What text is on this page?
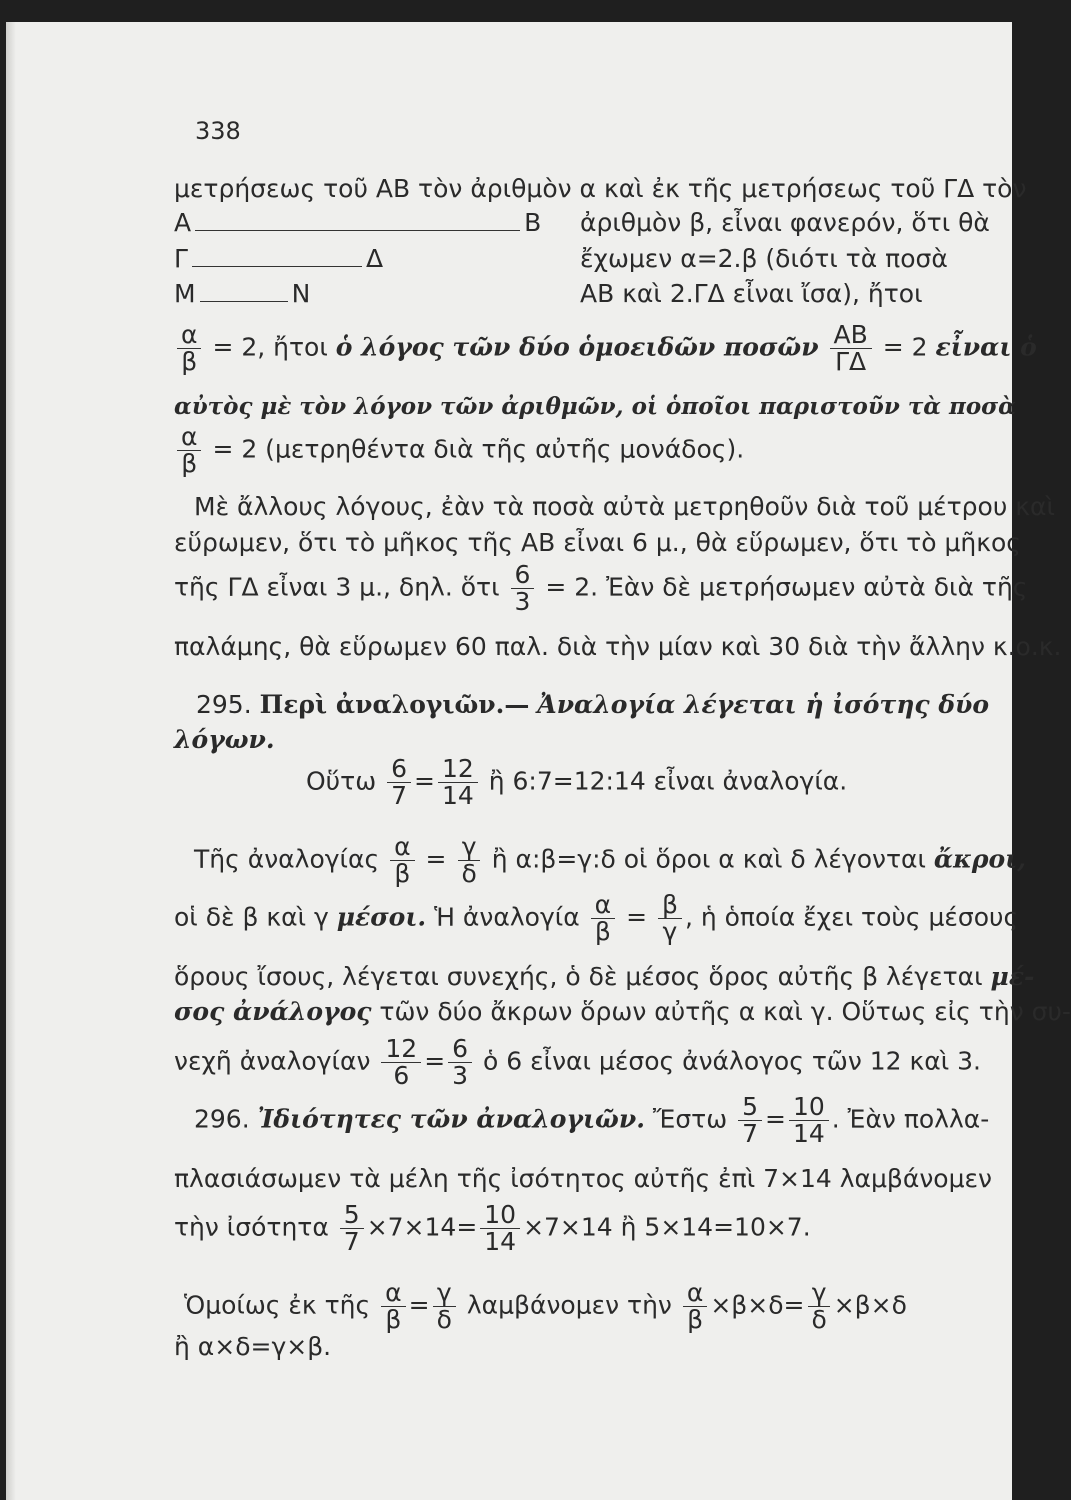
338
μετρήσεως τοῦ ΑΒ τὸν ἀριθμὸν α καὶ ἐκ τῆς μετρήσεως τοῦ ΓΔ τὸν
Α	Β ἀριθμὸν β, εἶναι φανερόν, ὅτι θὰ
Γ	Δ	ἔχωμεν α=2.β (διότι τὰ ποσὰ
Μ	Ν	ΑΒ καὶ 2.ΓΔ εἶναι ἴσα), ἤτοι
$\frac{\alpha}{\beta} = 2$, ἤτοι ὁ λόγος τῶν δύο ὁμοειδῶν ποσῶν $\frac{AB}{\Gamma\Delta} = 2$ εἶναι ὁ
αὐτὸς μὲ τὸν λόγον τῶν ἀριθμῶν, οἱ ὁποῖοι παριστοῦν τὰ ποσὰ
$\frac{\alpha}{\beta} = 2$ (μετρηθέντα διὰ τῆς αὐτῆς μονάδος).
Μὲ ἄλλους λόγους, ἐὰν τὰ ποσὰ αὐτὰ μετρηθοῦν διὰ τοῦ μέτρου καὶ
εὕρωμεν, ὅτι τὸ μῆκος τῆς ΑΒ εἶναι 6 μ., θὰ εὕρωμεν, ὅτι τὸ μῆκος
τῆς ΓΔ εἶναι 3 μ., δηλ. ὅτι $\frac{6}{3} = 2$. Ἐὰν δὲ μετρήσωμεν αὐτὰ διὰ τῆς
παλάμης, θὰ εὕρωμεν 60 παλ. διὰ τὴν μίαν καὶ 30 διὰ τὴν ἄλλην κ.ο.κ.
295. Περὶ ἀναλογιῶν.— Ἀναλογία λέγεται ἡ ἰσότης δύο
λόγων.
Οὕτω $\frac{6}{7} = \frac{12}{14}$ ἢ 6:7=12:14 εἶναι ἀναλογία.
Τῆς ἀναλογίας $\frac{\alpha}{\beta} = \frac{\gamma}{\delta}$ ἢ α:β=γ:δ οἱ ὅροι α καὶ δ λέγονται ἄκροι,
οἱ δὲ β καὶ γ μέσοι. Ἡ ἀναλογία $\frac{\alpha}{\beta} = \frac{\beta}{\gamma}$ , ἡ ὁποία ἔχει τοὺς μέσους
ὅρους ἴσους, λέγεται συνεχής, ὁ δὲ μέσος ὅρος αὐτῆς β λέγεται μέ-
σος ἀνάλογος τῶν δύο ἄκρων ὅρων αὐτῆς α καὶ γ. Οὕτως εἰς τὴν συ-
νεχῆ ἀναλογίαν $\frac{12}{6} = \frac{6}{3}$ ὁ 6 εἶναι μέσος ἀνάλογος τῶν 12 καὶ 3.
296. Ἰδιότητες τῶν ἀναλογιῶν. Ἔστω $\frac{5}{7} = \frac{10}{14}$ . Ἐὰν πολλα-
πλασιάσωμεν τὰ μέλη τῆς ἰσότητος αὐτῆς ἐπὶ 7×14 λαμβάνομεν
τὴν ἰσότητα $\frac{5}{7} \times 7\times 14= \frac{10}{14} \times 7\times 14$ ἢ 5×14=10×7.
Ὁμοίως ἐκ τῆς $\frac{\alpha}{\beta} = \frac{\gamma}{\delta}$ λαμβάνομεν τὴν $\frac{\alpha}{\beta} \times\beta\times\delta= \frac{\gamma}{\delta} \times\beta\times\delta$
ἢ α×δ=γ×β.
